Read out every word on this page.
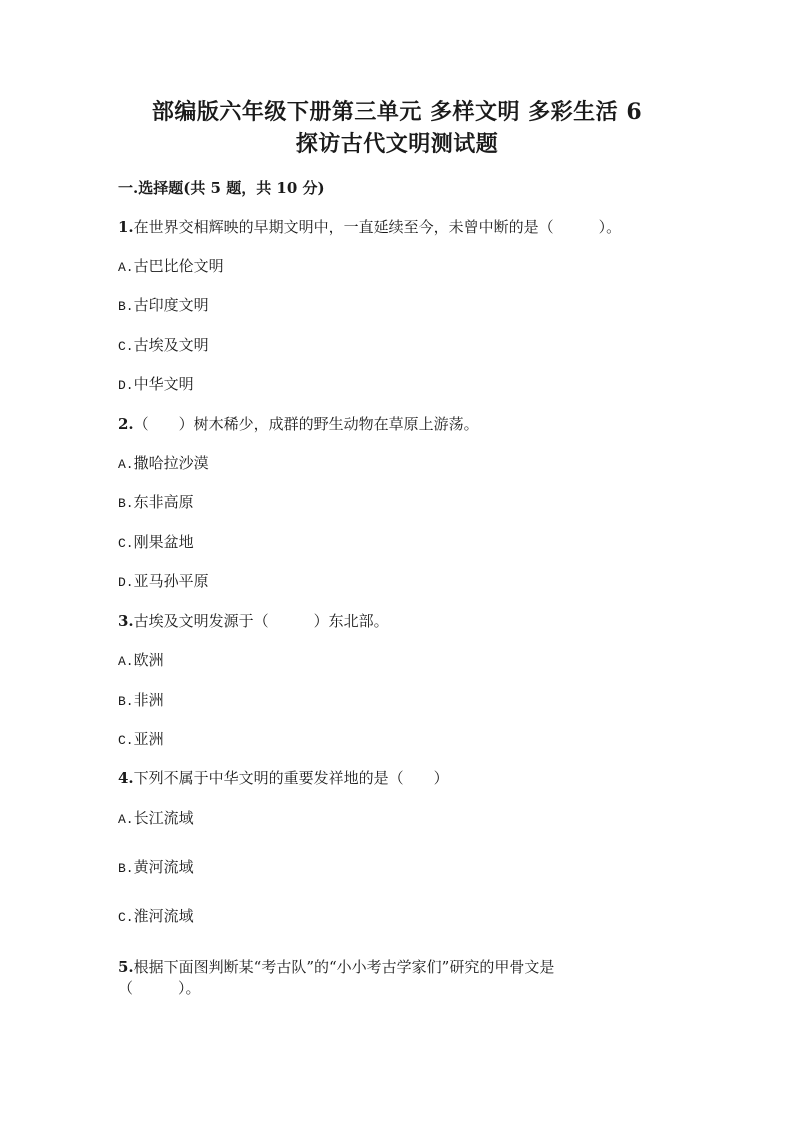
部编版六年级下册第三单元 多样文明 多彩生活 6
探访古代文明测试题
一.选择题(共 5 题，共 10 分)
1.在世界交相辉映的早期文明中，一直延续至今，未曾中断的是（　　　）。
A.古巴比伦文明
B.古印度文明
C.古埃及文明
D.中华文明
2.（　　）树木稀少，成群的野生动物在草原上游荡。
A.撒哈拉沙漠
B.东非高原
C.刚果盆地
D.亚马孙平原
3.古埃及文明发源于（　　　）东北部。
A.欧洲
B.非洲
C.亚洲
4.下列不属于中华文明的重要发祥地的是（　　）
A.长江流域
B.黄河流域
C.淮河流域
5.根据下面图判断某“考古队”的“小小考古学家们”研究的甲骨文是
（　　　）。
